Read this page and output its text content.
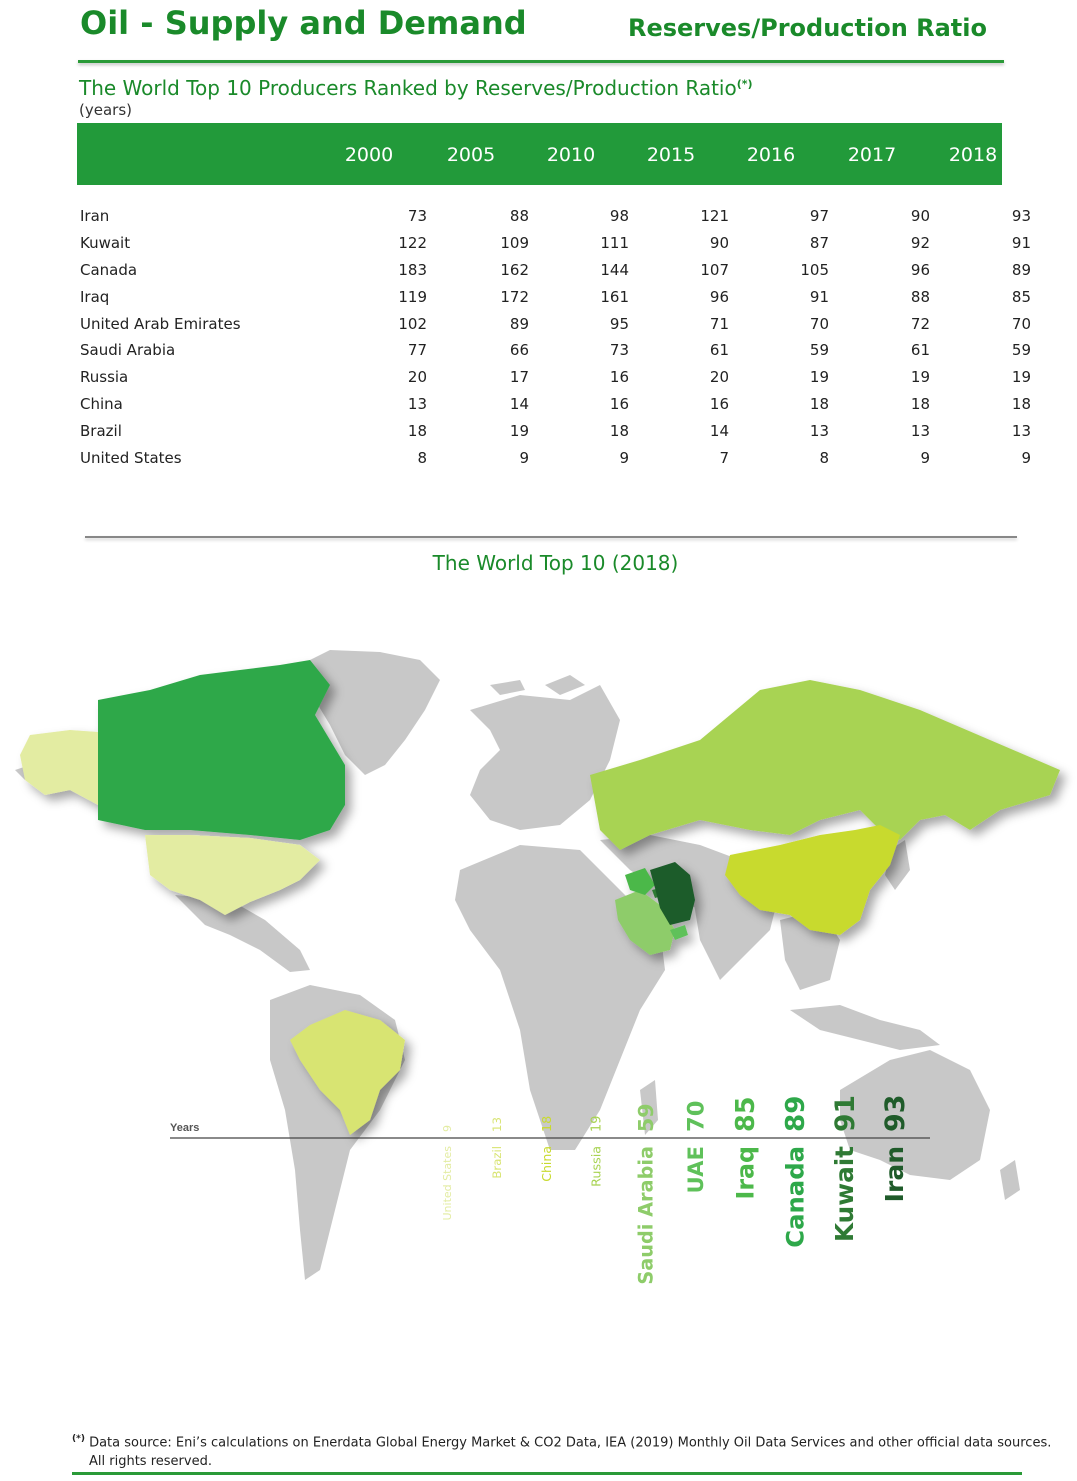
Oil - Supply and Demand	Reserves/Production Ratio
The World Top 10 Producers Ranked by Reserves/Production Ratio(*)
(years)
2000	2005	2010	2015	2016	2017	2018
Iran	73	88	98	121	97	90	93
Kuwait	122	109	111	90	87	92	91
Canada	183	162	144	107	105	96	89
Iraq	119	172	161	96	91	88	85
United Arab Emirates	102	89	95	71	70	72	70
Saudi Arabia	77	66	73	61	59	61	59
Russia	20	17	16	20	19	19	19
China	13	14	16	16	18	18	18
Brazil	18	19	18	14	13	13	13
United States	8	9	9	7	8	9	9
The World Top 10 (2018)
Years	9
United States
13
Brazil
18
China
19
Russia
59
Saudi Arabia
70
UAE
85
Iraq
89
Canada
91
Kuwait
93
Iran
(*) Data source: Eni’s calculations on Enerdata Global Energy Market & CO2 Data, IEA (2019) Monthly Oil Data Services and other official data sources.
All rights reserved.
